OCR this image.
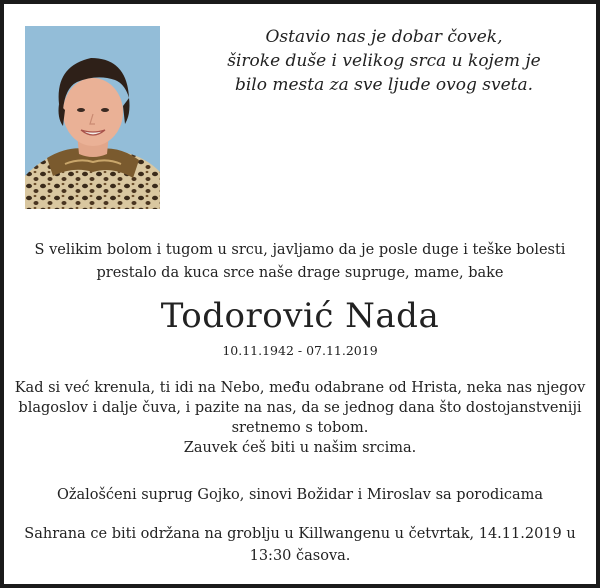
Ostavio nas je dobar čovek,
široke duše i velikog srca u kojem je
bilo mesta za sve ljude ovog sveta.
S velikim bolom i tugom u srcu, javljamo da je posle duge i teške bolesti
prestalo da kuca srce naše drage supruge, mame, bake
Todorović Nada
10.11.1942 - 07.11.2019
Kad si već krenula, ti idi na Nebo, među odabrane od Hrista, neka nas njegov
blagoslov i dalje čuva, i pazite na nas, da se jednog dana što dostojanstveniji
sretnemo s tobom.
Zauvek ćeš biti u našim srcima.
Ožalošćeni suprug Gojko, sinovi Božidar i Miroslav sa porodicama
Sahrana ce biti održana na groblju u Killwangenu u četvrtak, 14.11.2019 u
13:30 časova.
